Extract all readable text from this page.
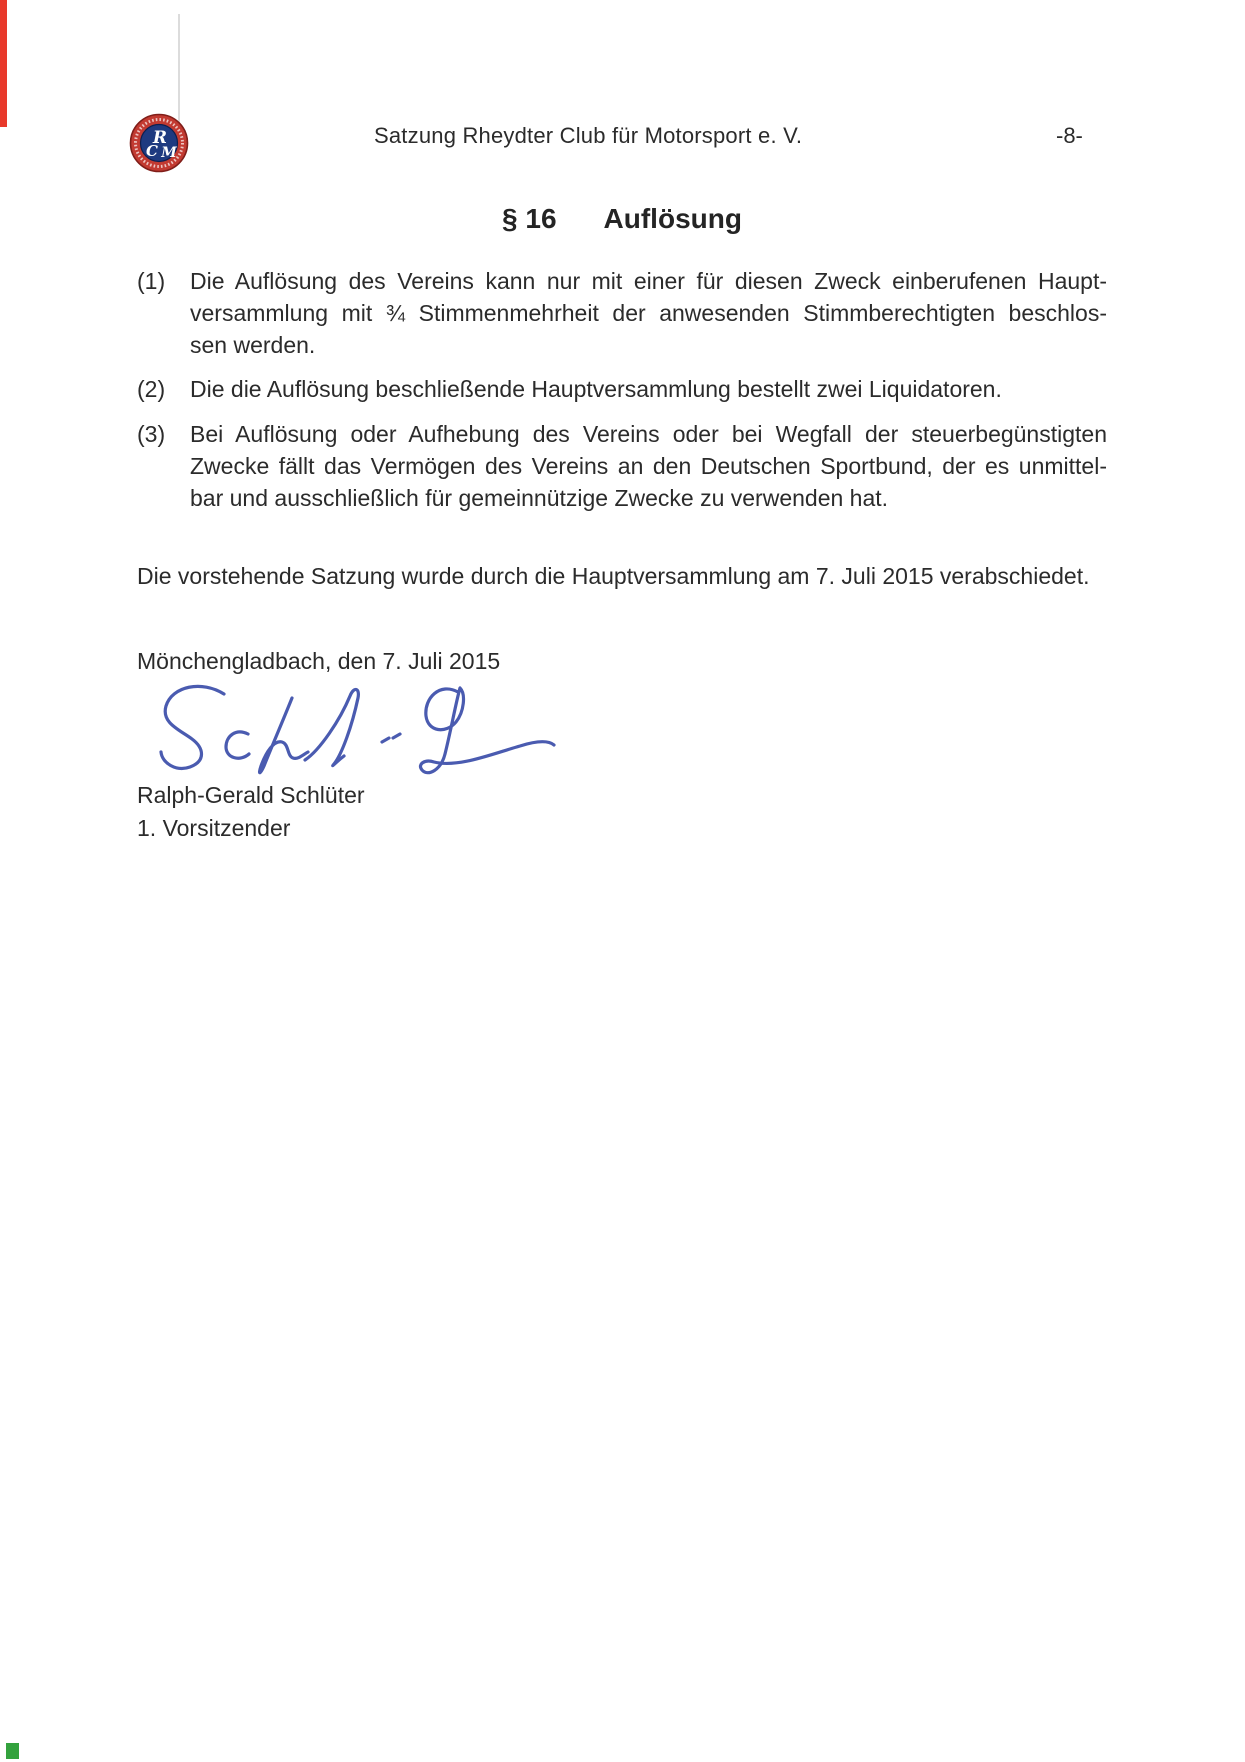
R
C M
Satzung Rheydter Club für Motorsport e. V.	-8-
§ 16 Auflösung
(1)	Die Auflösung des Vereins kann nur mit einer für diesen Zweck einberufenen Haupt-
versammlung mit ¾ Stimmenmehrheit der anwesenden Stimmberechtigten beschlos-
sen werden.
(2)	Die die Auflösung beschließende Hauptversammlung bestellt zwei Liquidatoren.
(3)	Bei Auflösung oder Aufhebung des Vereins oder bei Wegfall der steuerbegünstigten
Zwecke fällt das Vermögen des Vereins an den Deutschen Sportbund, der es unmittel-
bar und ausschließlich für gemeinnützige Zwecke zu verwenden hat.
Die vorstehende Satzung wurde durch die Hauptversammlung am 7. Juli 2015 verabschiedet.
Mönchengladbach, den 7. Juli 2015
Ralph-Gerald Schlüter
1. Vorsitzender
